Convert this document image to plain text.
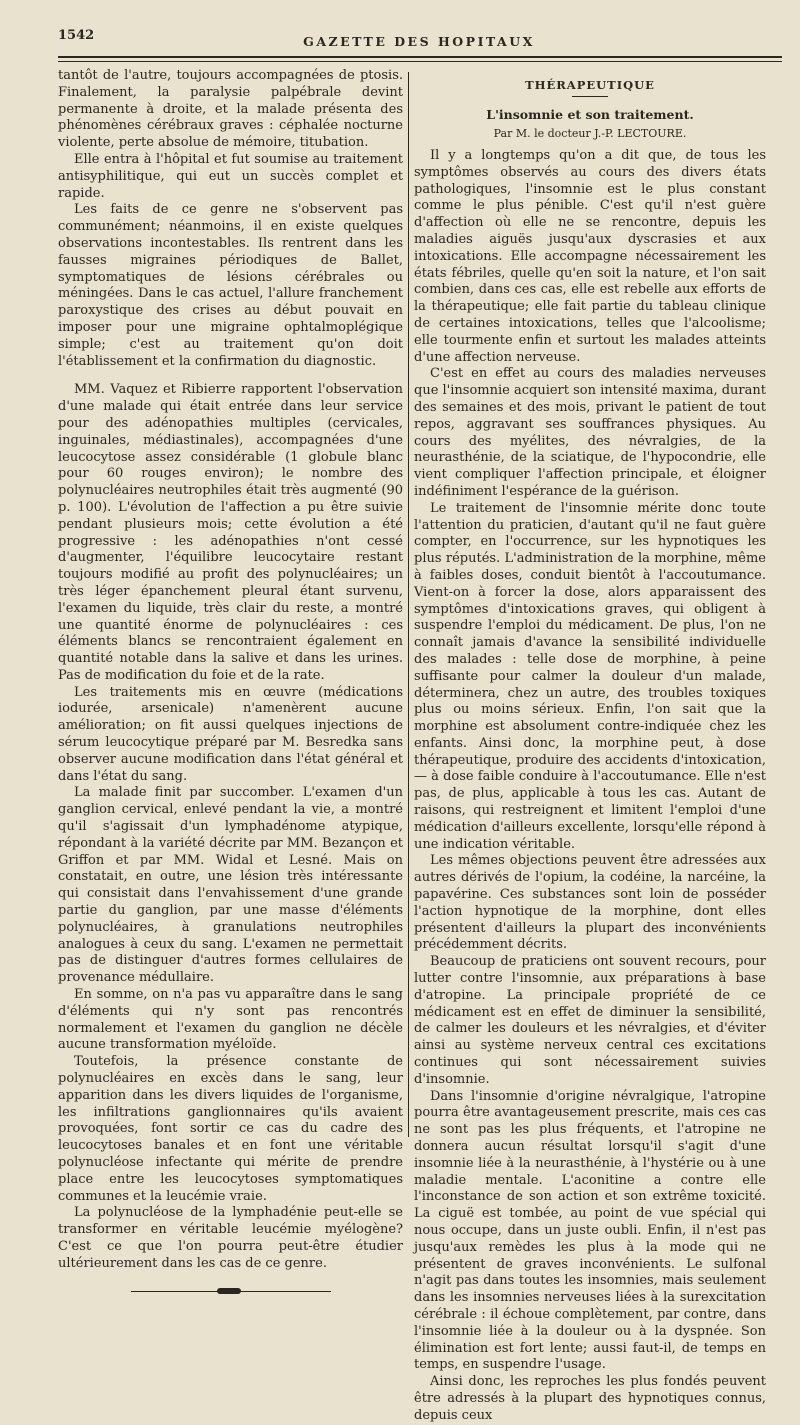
1542	GAZETTE DES HOPITAUX

tantôt de l'autre, toujours accompagnées de ptosis. Finalement, la paralysie palpébrale devint permanente à droite, et la malade présenta des phénomènes cérébraux graves : céphalée nocturne violente, perte absolue de mémoire, titubation.

Elle entra à l'hôpital et fut soumise au traitement antisyphilitique, qui eut un succès complet et rapide.

Les faits de ce genre ne s'observent pas communément; néanmoins, il en existe quelques observations incontestables. Ils rentrent dans les fausses migraines périodiques de Ballet, symptomatiques de lésions cérébrales ou méningées. Dans le cas actuel, l'allure franchement paroxystique des crises au début pouvait en imposer pour une migraine ophtalmoplégique simple; c'est au traitement qu'on doit l'établissement et la confirmation du diagnostic.

MM. Vaquez et Ribierre rapportent l'observation d'une malade qui était entrée dans leur service pour des adénopathies multiples (cervicales, inguinales, médiastinales), accompagnées d'une leucocytose assez considérable (1 globule blanc pour 60 rouges environ); le nombre des polynucléaires neutrophiles était très augmenté (90 p. 100). L'évolution de l'affection a pu être suivie pendant plusieurs mois; cette évolution a été progressive : les adénopathies n'ont cessé d'augmenter, l'équilibre leucocytaire restant toujours modifié au profit des polynucléaires; un très léger épanchement pleural étant survenu, l'examen du liquide, très clair du reste, a montré une quantité énorme de polynucléaires : ces éléments blancs se rencontraient également en quantité notable dans la salive et dans les urines. Pas de modification du foie et de la rate.

Les traitements mis en œuvre (médications iodurée, arsenicale) n'amenèrent aucune amélioration; on fit aussi quelques injections de sérum leucocytique préparé par M. Besredka sans observer aucune modification dans l'état général et dans l'état du sang.

La malade finit par succomber. L'examen d'un ganglion cervical, enlevé pendant la vie, a montré qu'il s'agissait d'un lymphadénome atypique, répondant à la variété décrite par MM. Bezançon et Griffon et par MM. Widal et Lesné. Mais on constatait, en outre, une lésion très intéressante qui consistait dans l'envahissement d'une grande partie du ganglion, par une masse d'éléments polynucléaires, à granulations neutrophiles analogues à ceux du sang. L'examen ne permettait pas de distinguer d'autres formes cellulaires de provenance médullaire.

En somme, on n'a pas vu apparaître dans le sang d'éléments qui n'y sont pas rencontrés normalement et l'examen du ganglion ne décèle aucune transformation myéloïde.

Toutefois, la présence constante de polynucléaires en excès dans le sang, leur apparition dans les divers liquides de l'organisme, les infiltrations ganglionnaires qu'ils avaient provoquées, font sortir ce cas du cadre des leucocytoses banales et en font une véritable polynucléose infectante qui mérite de prendre place entre les leucocytoses symptomatiques communes et la leucémie vraie.

La polynucléose de la lymphadénie peut-elle se transformer en véritable leucémie myélogène? C'est ce que l'on pourra peut-être étudier ultérieurement dans les cas de ce genre.

THÉRAPEUTIQUE
L'insomnie et son traitement.
Par M. le docteur J.-P. LECTOURE.

Il y a longtemps qu'on a dit que, de tous les symptômes observés au cours des divers états pathologiques, l'insomnie est le plus constant comme le plus pénible. C'est qu'il n'est guère d'affection où elle ne se rencontre, depuis les maladies aiguës jusqu'aux dyscrasies et aux intoxications. Elle accompagne nécessairement les états fébriles, quelle qu'en soit la nature, et l'on sait combien, dans ces cas, elle est rebelle aux efforts de la thérapeutique; elle fait partie du tableau clinique de certaines intoxications, telles que l'alcoolisme; elle tourmente enfin et surtout les malades atteints d'une affection nerveuse.

C'est en effet au cours des maladies nerveuses que l'insomnie acquiert son intensité maxima, durant des semaines et des mois, privant le patient de tout repos, aggravant ses souffrances physiques. Au cours des myélites, des névralgies, de la neurasthénie, de la sciatique, de l'hypocondrie, elle vient compliquer l'affection principale, et éloigner indéfiniment l'espérance de la guérison.

Le traitement de l'insomnie mérite donc toute l'attention du praticien, d'autant qu'il ne faut guère compter, en l'occurrence, sur les hypnotiques les plus réputés. L'administration de la morphine, même à faibles doses, conduit bientôt à l'accoutumance. Vient-on à forcer la dose, alors apparaissent des symptômes d'intoxications graves, qui obligent à suspendre l'emploi du médicament. De plus, l'on ne connaît jamais d'avance la sensibilité individuelle des malades : telle dose de morphine, à peine suffisante pour calmer la douleur d'un malade, déterminera, chez un autre, des troubles toxiques plus ou moins sérieux. Enfin, l'on sait que la morphine est absolument contre-indiquée chez les enfants. Ainsi donc, la morphine peut, à dose thérapeutique, produire des accidents d'intoxication, — à dose faible conduire à l'accoutumance. Elle n'est pas, de plus, applicable à tous les cas. Autant de raisons, qui restreignent et limitent l'emploi d'une médication d'ailleurs excellente, lorsqu'elle répond à une indication véritable.

Les mêmes objections peuvent être adressées aux autres dérivés de l'opium, la codéine, la narcéine, la papavérine. Ces substances sont loin de posséder l'action hypnotique de la morphine, dont elles présentent d'ailleurs la plupart des inconvénients précédemment décrits.

Beaucoup de praticiens ont souvent recours, pour lutter contre l'insomnie, aux préparations à base d'atropine. La principale propriété de ce médicament est en effet de diminuer la sensibilité, de calmer les douleurs et les névralgies, et d'éviter ainsi au système nerveux central ces excitations continues qui sont nécessairement suivies d'insomnie.

Dans l'insomnie d'origine névralgique, l'atropine pourra être avantageusement prescrite, mais ces cas ne sont pas les plus fréquents, et l'atropine ne donnera aucun résultat lorsqu'il s'agit d'une insomnie liée à la neurasthénie, à l'hystérie ou à une maladie mentale. L'aconitine a contre elle l'inconstance de son action et son extrême toxicité. La ciguë est tombée, au point de vue spécial qui nous occupe, dans un juste oubli. Enfin, il n'est pas jusqu'aux remèdes les plus à la mode qui ne présentent de graves inconvénients. Le sulfonal n'agit pas dans toutes les insomnies, mais seulement dans les insomnies nerveuses liées à la surexcitation cérébrale : il échoue complètement, par contre, dans l'insomnie liée à la douleur ou à la dyspnée. Son élimination est fort lente; aussi faut-il, de temps en temps, en suspendre l'usage.

Ainsi donc, les reproches les plus fondés peuvent être adressés à la plupart des hypnotiques connus, depuis ceux
